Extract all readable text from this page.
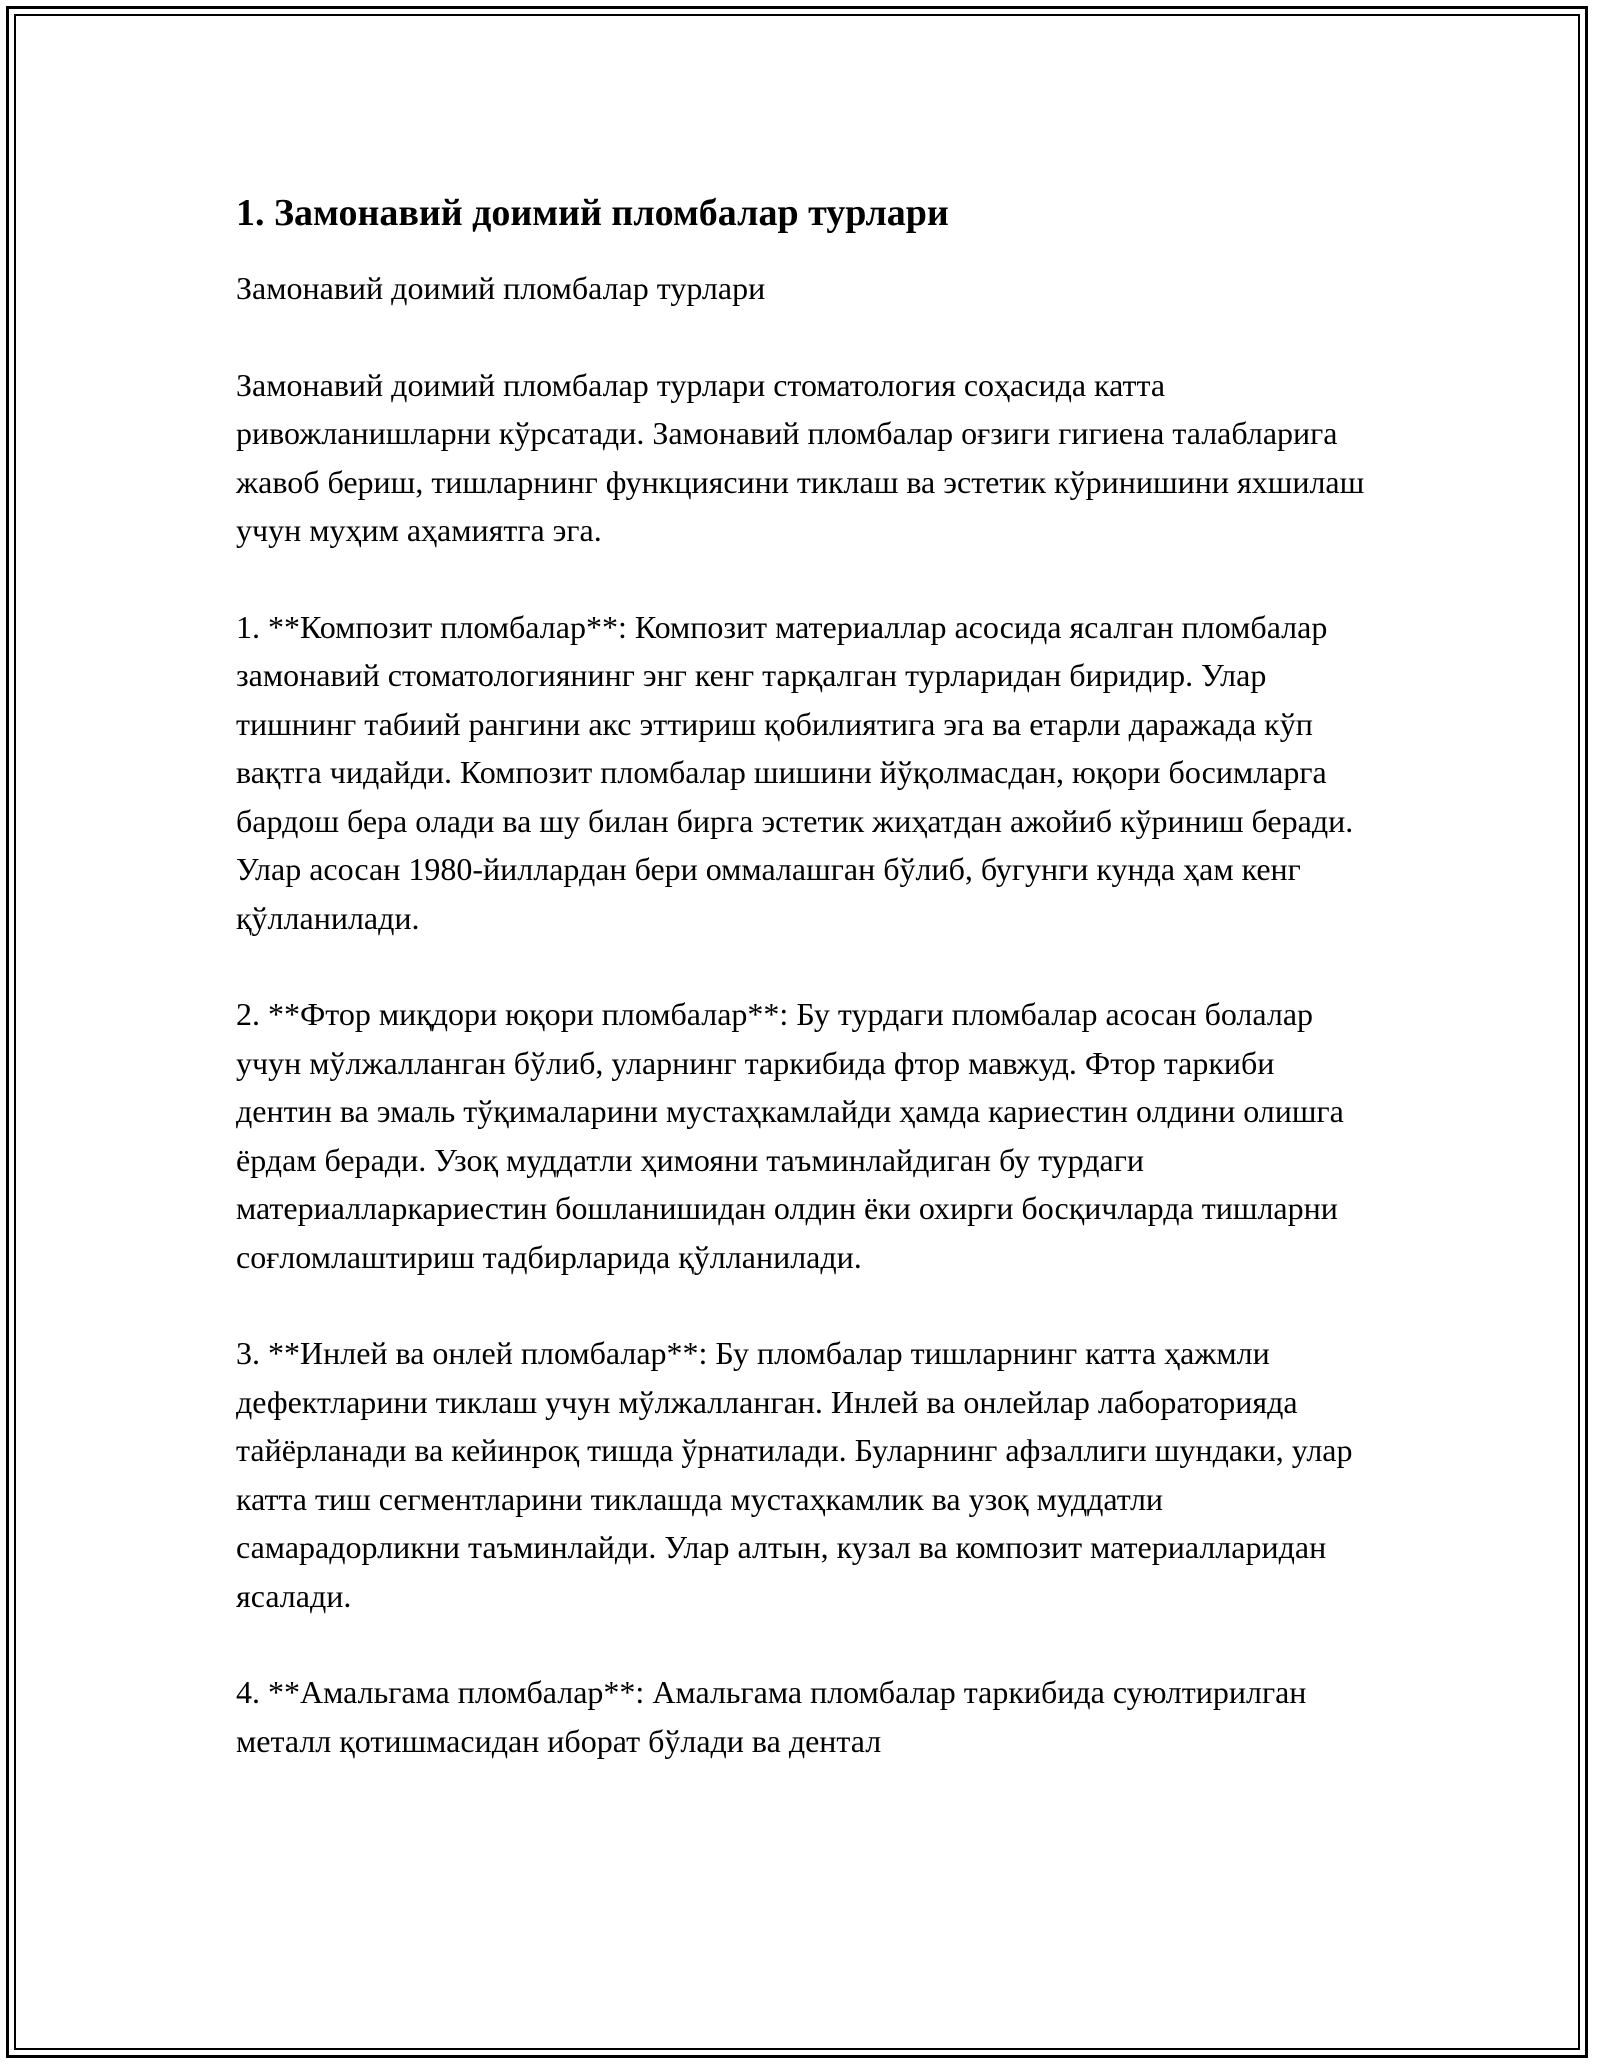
1. Замонавий доимий пломбалар турлари

Замонавий доимий пломбалар турлари

Замонавий доимий пломбалар турлари стоматология соҳасида катта ривожланишларни кўрсатади. Замонавий пломбалар оғзиги гигиена талабларига жавоб бериш, тишларнинг функциясини тиклаш ва эстетик кўринишини яхшилаш учун муҳим аҳамиятга эга.

1. **Композит пломбалар**: Композит материаллар асосида ясалган пломбалар замонавий стоматологиянинг энг кенг тарқалган турларидан биридир. Улар тишнинг табиий рангини акс эттириш қобилиятига эга ва етарли даражада кўп вақтга чидайди. Композит пломбалар шишини йўқолмасдан, юқори босимларга бардош бера олади ва шу билан бирга эстетик жиҳатдан ажойиб кўриниш беради. Улар асосан 1980-йиллардан бери оммалашган бўлиб, бугунги кунда ҳам кенг қўлланилади.

2. **Фтор миқдори юқори пломбалар**: Бу турдаги пломбалар асосан болалар учун мўлжалланган бўлиб, уларнинг таркибида фтор мавжуд. Фтор таркиби дентин ва эмаль тўқималарини мустаҳкамлайди ҳамда кариестин олдини олишга ёрдам беради. Узоқ муддатли ҳимояни таъминлайдиган бу турдаги материалларкариестин бошланишидан олдин ёки охирги босқичларда тишларни соғломлаштириш тадбирларида қўлланилади.

3. **Инлей ва онлей пломбалар**: Бу пломбалар тишларнинг катта ҳажмли дефектларини тиклаш учун мўлжалланган. Инлей ва онлейлар лабораторияда тайёрланади ва кейинроқ тишда ўрнатилади. Буларнинг афзаллиги шундаки, улар катта тиш сегментларини тиклашда мустаҳкамлик ва узоқ муддатли самарадорликни таъминлайди. Улар алтын, кузал ва композит материалларидан ясалади.

4. **Амальгама пломбалар**: Амальгама пломбалар таркибида суюлтирилган металл қотишмасидан иборат бўлади ва дентал
